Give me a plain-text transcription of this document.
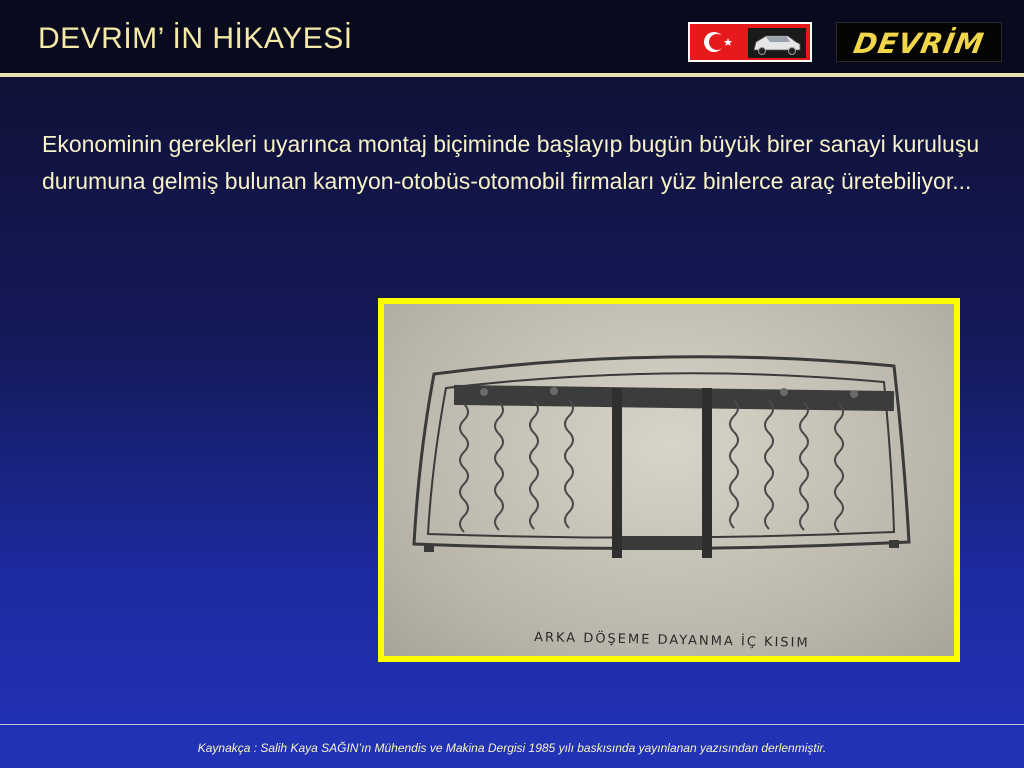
DEVRİM’ İN HİKAYESİ	DEVRİM
Ekonominin gerekleri uyarınca montaj biçiminde başlayıp bugün büyük birer sanayi kuruluşu durumuna gelmiş bulunan kamyon-otobüs-otomobil firmaları yüz binlerce araç üretebiliyor...
ARKA DÖŞEME DAYANMA İÇ KISIM
Kaynakça : Salih Kaya SAĞIN’ın Mühendis ve Makina Dergisi 1985 yılı baskısında yayınlanan yazısından derlenmiştir.
